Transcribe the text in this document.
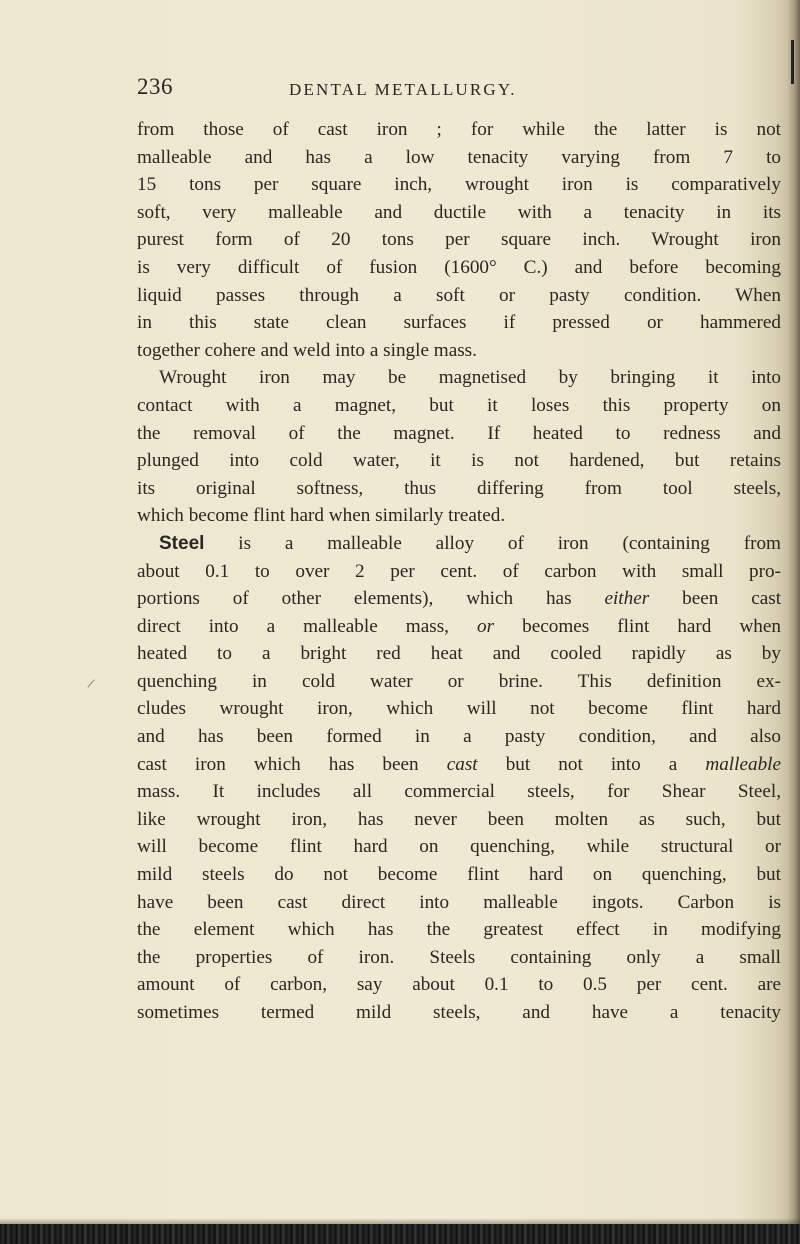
236	DENTAL METALLURGY.
from those of cast iron ; for while the latter is not
malleable and has a low tenacity varying from 7 to
15 tons per square inch, wrought iron is comparatively
soft, very malleable and ductile with a tenacity in its
purest form of 20 tons per square inch. Wrought iron
is very difficult of fusion (1600° C.) and before becoming
liquid passes through a soft or pasty condition. When
in this state clean surfaces if pressed or hammered
together cohere and weld into a single mass.
Wrought iron may be magnetised by bringing it into
contact with a magnet, but it loses this property on
the removal of the magnet. If heated to redness and
plunged into cold water, it is not hardened, but retains
its original softness, thus differing from tool steels,
which become flint hard when similarly treated.
Steel is a malleable alloy of iron (containing from
about 0.1 to over 2 per cent. of carbon with small pro-
portions of other elements), which has either been cast
direct into a malleable mass, or becomes flint hard when
heated to a bright red heat and cooled rapidly as by
quenching in cold water or brine. This definition ex-
cludes wrought iron, which will not become flint hard
and has been formed in a pasty condition, and also
cast iron which has been cast but not into a malleable
mass. It includes all commercial steels, for Shear Steel,
like wrought iron, has never been molten as such, but
will become flint hard on quenching, while structural or
mild steels do not become flint hard on quenching, but
have been cast direct into malleable ingots. Carbon is
the element which has the greatest effect in modifying
the properties of iron. Steels containing only a small
amount of carbon, say about 0.1 to 0.5 per cent. are
sometimes termed mild steels, and have a tenacity
